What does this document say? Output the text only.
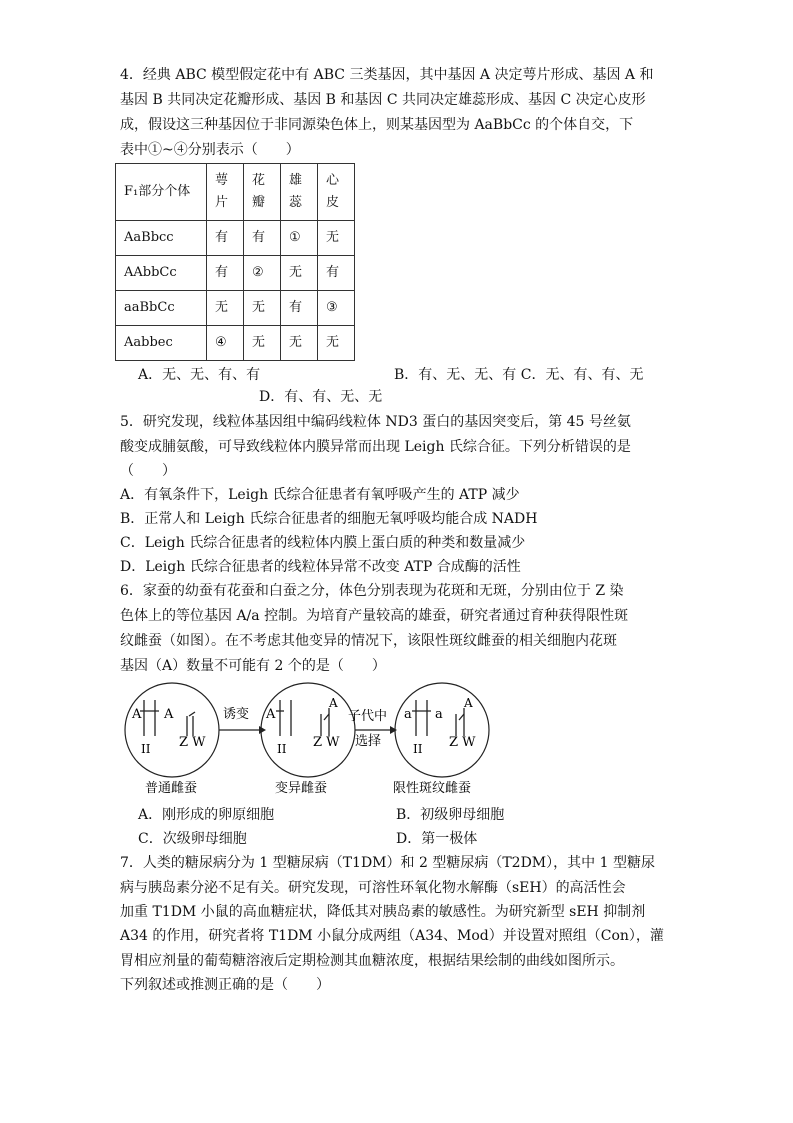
4．经典 ABC 模型假定花中有 ABC 三类基因，其中基因 A 决定萼片形成、基因 A 和
基因 B 共同决定花瓣形成、基因 B 和基因 C 共同决定雄蕊形成、基因 C 决定心皮形
成，假设这三种基因位于非同源染色体上，则某基因型为 AaBbCc 的个体自交，下
表中①~④分别表示（　　）
F₁部分个体	萼片	花瓣	雄蕊	心皮
AaBbcc	有	有	①	无
AAbbCc	有	②	无	有
aaBbCc	无	无	有	③
Aabbec	④	无	无	无
A．无、无、有、有	B．有、无、无、有 C．无、有、有、无
D．有、有、无、无
5．研究发现，线粒体基因组中编码线粒体 ND3 蛋白的基因突变后，第 45 号丝氨
酸变成脯氨酸，可导致线粒体内膜异常而出现 Leigh 氏综合征。下列分析错误的是
（　　）
A．有氧条件下，Leigh 氏综合征患者有氧呼吸产生的 ATP 减少
B．正常人和 Leigh 氏综合征患者的细胞无氧呼吸均能合成 NADH
C．Leigh 氏综合征患者的线粒体内膜上蛋白质的种类和数量减少
D．Leigh 氏综合征患者的线粒体异常不改变 ATP 合成酶的活性
6．家蚕的幼蚕有花蚕和白蚕之分，体色分别表现为花斑和无斑，分别由位于 Z 染
色体上的等位基因 A/a 控制。为培育产量较高的雄蚕，研究者通过育种获得限性斑
纹雌蚕（如图）。在不考虑其他变异的情况下，该限性斑纹雌蚕的相关细胞内花斑
基因（A）数量不可能有 2 个的是（　　）
A A
II Z W
诱变 A
A
II Z W
子代中
选择
a a
A
II Z W
普通雌蚕	变异雌蚕	限性斑纹雌蚕
A．刚形成的卵原细胞	B．初级卵母细胞
C．次级卵母细胞	D．第一极体
7．人类的糖尿病分为 1 型糖尿病（T1DM）和 2 型糖尿病（T2DM），其中 1 型糖尿
病与胰岛素分泌不足有关。研究发现，可溶性环氧化物水解酶（sEH）的高活性会
加重 T1DM 小鼠的高血糖症状，降低其对胰岛素的敏感性。为研究新型 sEH 抑制剂
A34 的作用，研究者将 T1DM 小鼠分成两组（A34、Mod）并设置对照组（Con），灌
胃相应剂量的葡萄糖溶液后定期检测其血糖浓度，根据结果绘制的曲线如图所示。
下列叙述或推测正确的是（　　）
